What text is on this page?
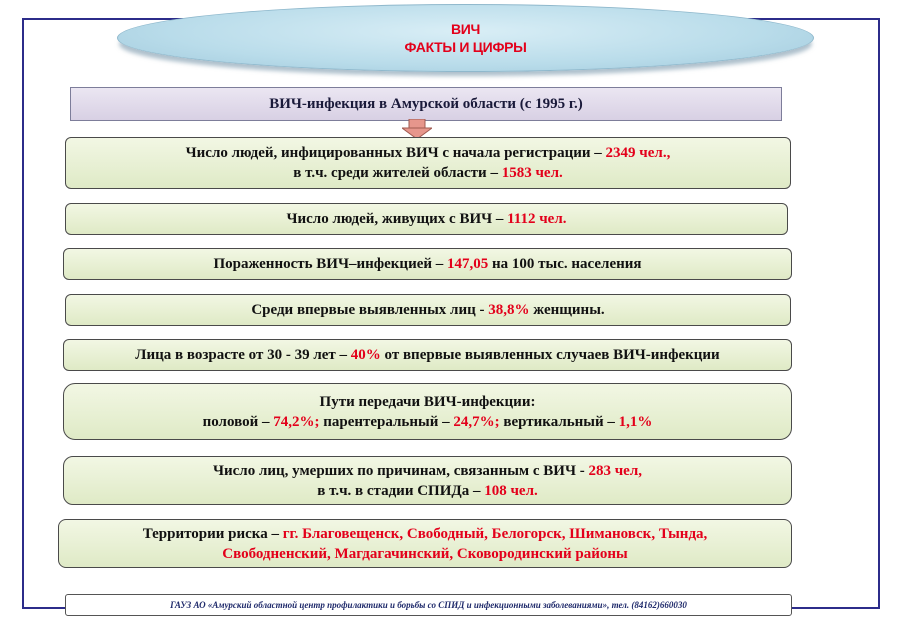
ВИЧ
ФАКТЫ И ЦИФРЫ
ВИЧ-инфекция в Амурской области (с 1995 г.)
Число людей, инфицированных ВИЧ с начала регистрации – 2349 чел.,
в т.ч. среди жителей области – 1583 чел.
Число людей, живущих с ВИЧ – 1112 чел.
Пораженность ВИЧ–инфекцией – 147,05 на 100 тыс. населения
Среди впервые выявленных лиц - 38,8% женщины.
Лица в возрасте от 30 - 39 лет – 40% от впервые выявленных случаев ВИЧ-инфекции
Пути передачи ВИЧ-инфекции:
половой – 74,2%; парентеральный – 24,7%; вертикальный – 1,1%
Число лиц, умерших по причинам, связанным с ВИЧ - 283 чел,
в т.ч. в стадии СПИДа – 108 чел.
Территории риска – гг. Благовещенск, Свободный, Белогорск, Шимановск, Тында,
Свободненский, Магдагачинский, Сковородинский районы
ГАУЗ АО «Амурский областной центр профилактики и борьбы со СПИД и инфекционными заболеваниями», тел. (84162)660030
